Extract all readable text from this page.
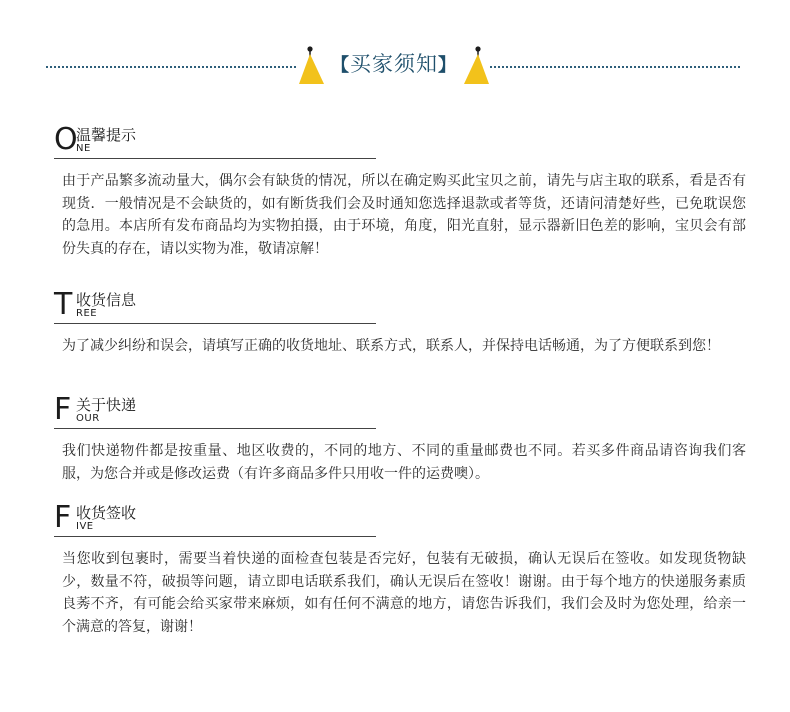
【买家须知】
O
温馨提示
NE

由于产品繁多流动量大，偶尔会有缺货的情况，所以在确定购买此宝贝之前，请先与店主取的联系，看是否有现货．一般情况是不会缺货的，如有断货我们会及时通知您选择退款或者等货，还请问清楚好些，已免耽误您的急用。本店所有发布商品均为实物拍摄，由于环境，角度，阳光直射，显示器新旧色差的影响，宝贝会有部份失真的存在，请以实物为准，敬请凉解！

T 收货信息
REE

为了减少纠纷和误会，请填写正确的收货地址、联系方式，联系人，并保持电话畅通，为了方便联系到您！

F 关于快递
OUR

我们快递物件都是按重量、地区收费的，不同的地方、不同的重量邮费也不同。若买多件商品请咨询我们客服，为您合并或是修改运费（有许多商品多件只用收一件的运费噢）。

F 收货签收
IVE

当您收到包裹时，需要当着快递的面检查包装是否完好，包装有无破损，确认无误后在签收。如发现货物缺少，数量不符，破损等问题，请立即电话联系我们，确认无误后在签收！谢谢。由于每个地方的快递服务素质良莠不齐，有可能会给买家带来麻烦，如有任何不满意的地方，请您告诉我们，我们会及时为您处理，给亲一个满意的答复，谢谢！
